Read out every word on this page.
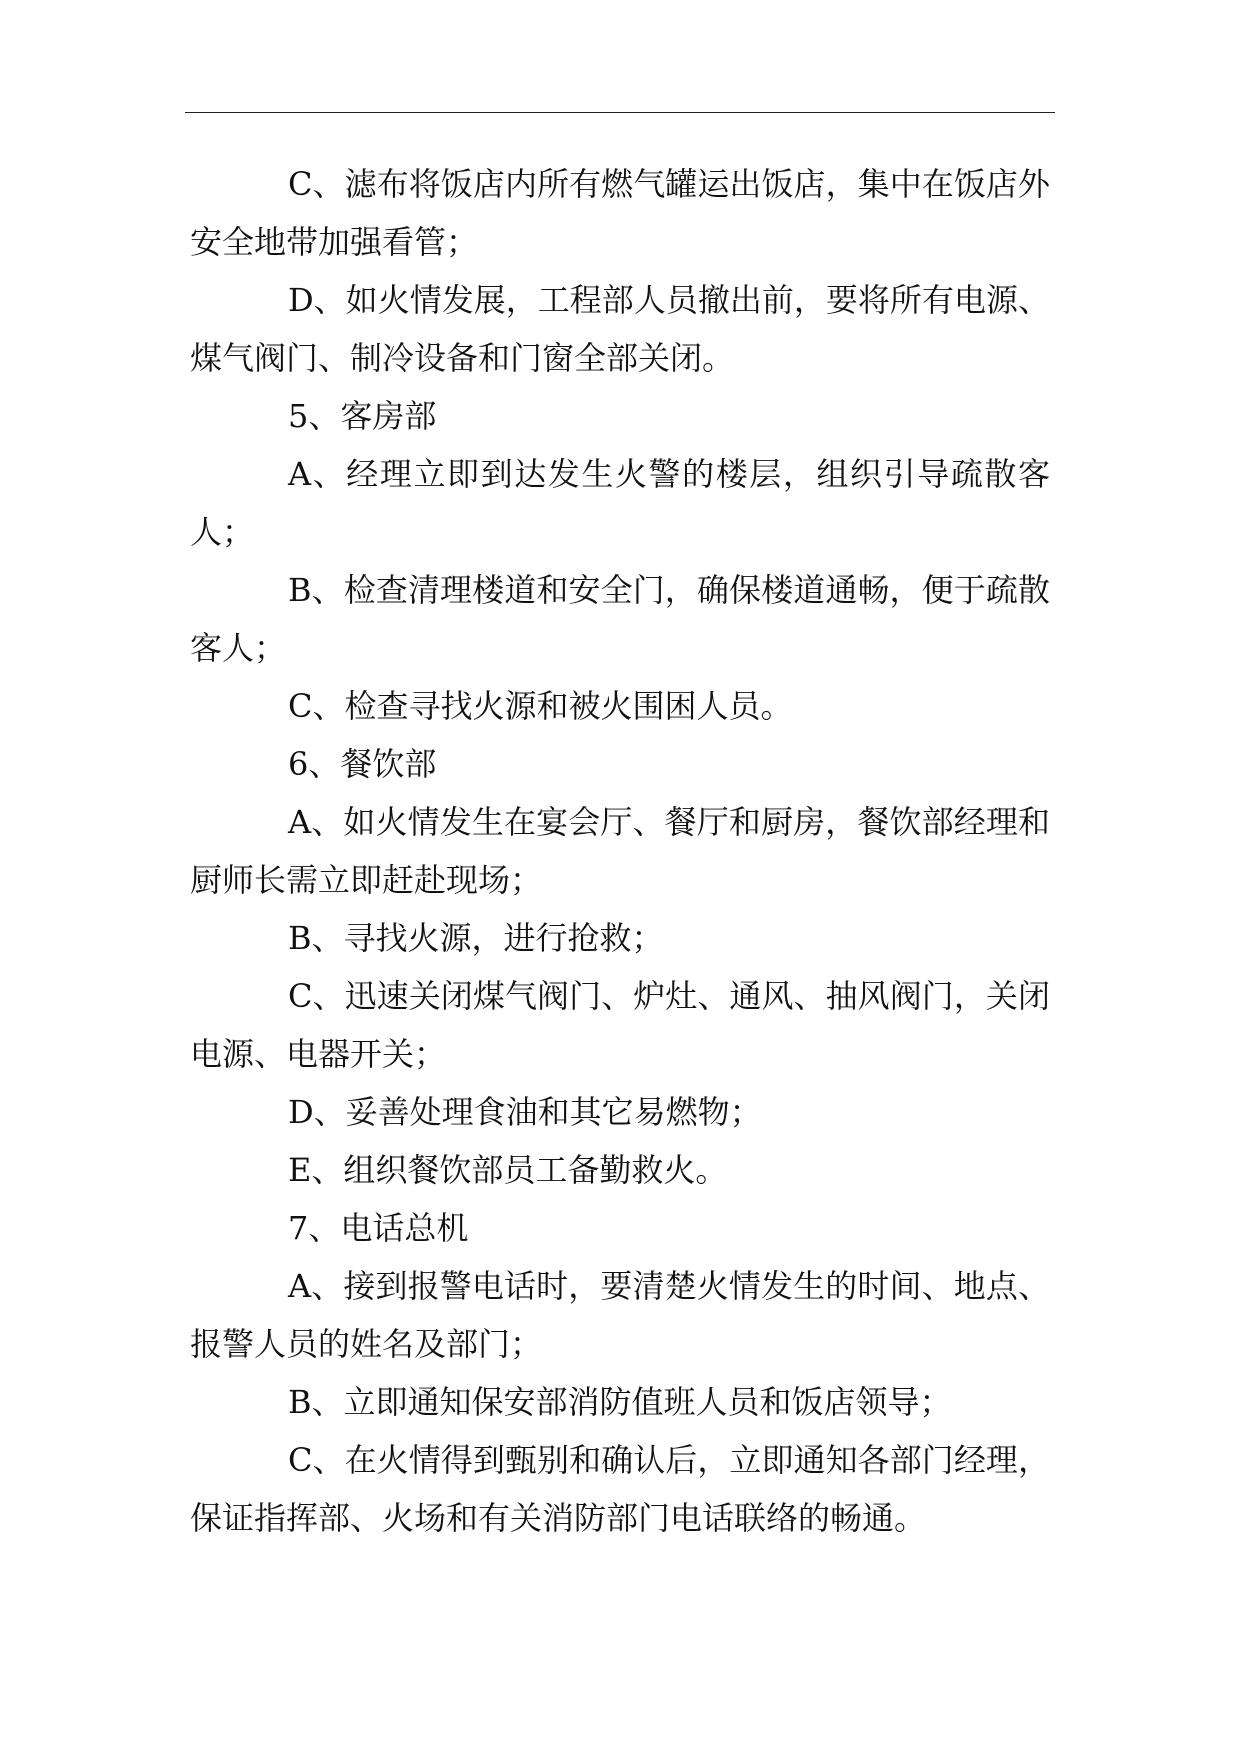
C、滤布将饭店内所有燃气罐运出饭店，集中在饭店外安全地带加强看管；

D、如火情发展，工程部人员撤出前，要将所有电源、煤气阀门、制冷设备和门窗全部关闭。

5、客房部

A、经理立即到达发生火警的楼层，组织引导疏散客人；

B、检查清理楼道和安全门，确保楼道通畅，便于疏散客人；

C、检查寻找火源和被火围困人员。

6、餐饮部

A、如火情发生在宴会厅、餐厅和厨房，餐饮部经理和厨师长需立即赶赴现场；

B、寻找火源，进行抢救；

C、迅速关闭煤气阀门、炉灶、通风、抽风阀门，关闭电源、电器开关；

D、妥善处理食油和其它易燃物；

E、组织餐饮部员工备勤救火。

7、电话总机

A、接到报警电话时，要清楚火情发生的时间、地点、报警人员的姓名及部门；

B、立即通知保安部消防值班人员和饭店领导；

C、在火情得到甄别和确认后，立即通知各部门经理，保证指挥部、火场和有关消防部门电话联络的畅通。
